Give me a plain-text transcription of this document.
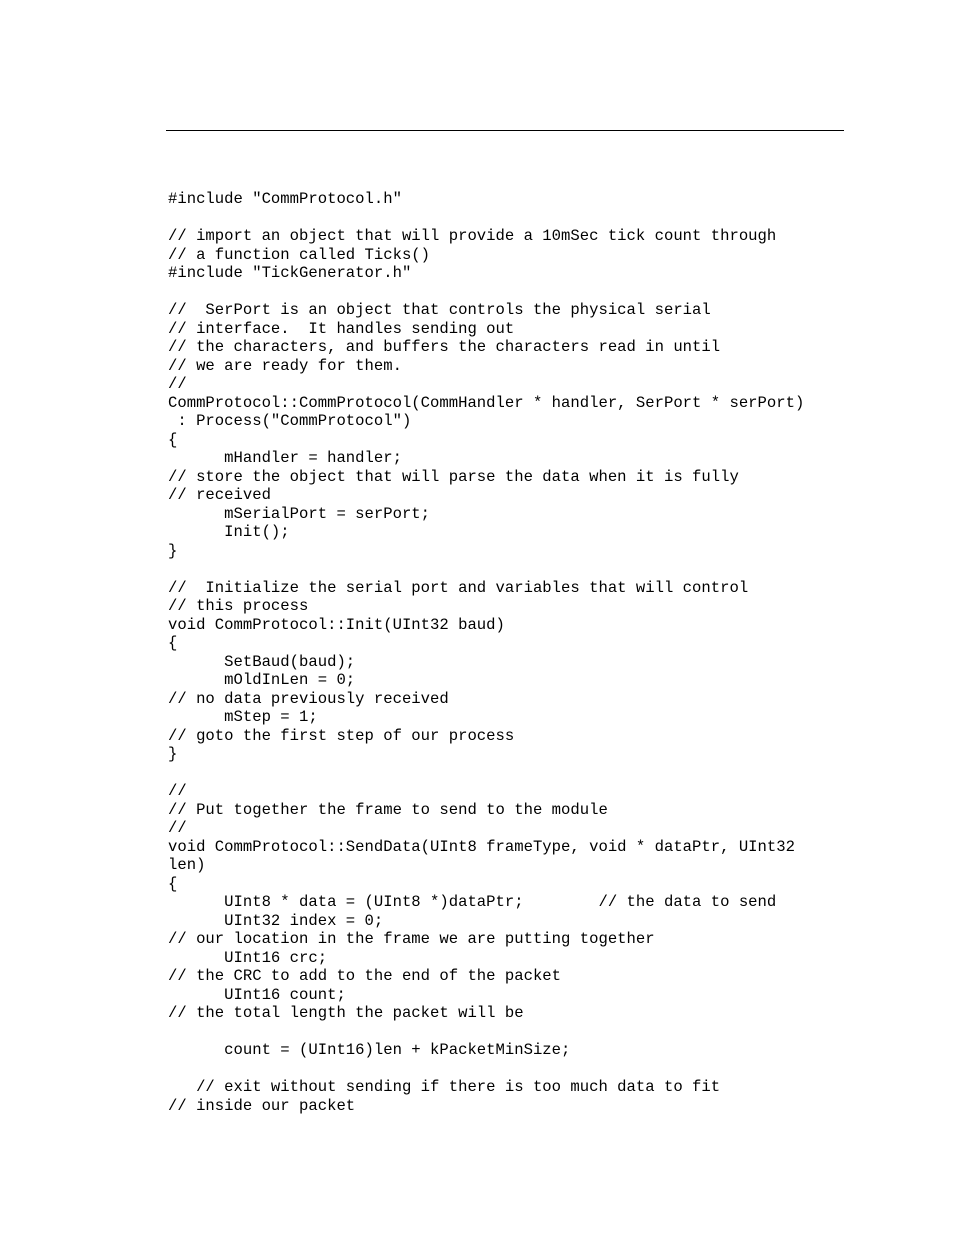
#include "CommProtocol.h"
// import an object that will provide a 10mSec tick count through
// a function called Ticks()
#include "TickGenerator.h"
//  SerPort is an object that controls the physical serial
// interface.  It handles sending out
// the characters, and buffers the characters read in until
// we are ready for them.
//
CommProtocol::CommProtocol(CommHandler * handler, SerPort * serPort)
: Process("CommProtocol")
{
mHandler = handler;
// store the object that will parse the data when it is fully
// received
mSerialPort = serPort;
Init();
}
//  Initialize the serial port and variables that will control
// this process
void CommProtocol::Init(UInt32 baud)
{
SetBaud(baud);
mOldInLen = 0;
// no data previously received
mStep = 1;
// goto the first step of our process
}
//
// Put together the frame to send to the module
//
void CommProtocol::SendData(UInt8 frameType, void * dataPtr, UInt32
len)
{
UInt8 * data = (UInt8 *)dataPtr;        // the data to send
UInt32 index = 0;
// our location in the frame we are putting together
UInt16 crc;
// the CRC to add to the end of the packet
UInt16 count;
// the total length the packet will be
count = (UInt16)len + kPacketMinSize;
// exit without sending if there is too much data to fit
// inside our packet
